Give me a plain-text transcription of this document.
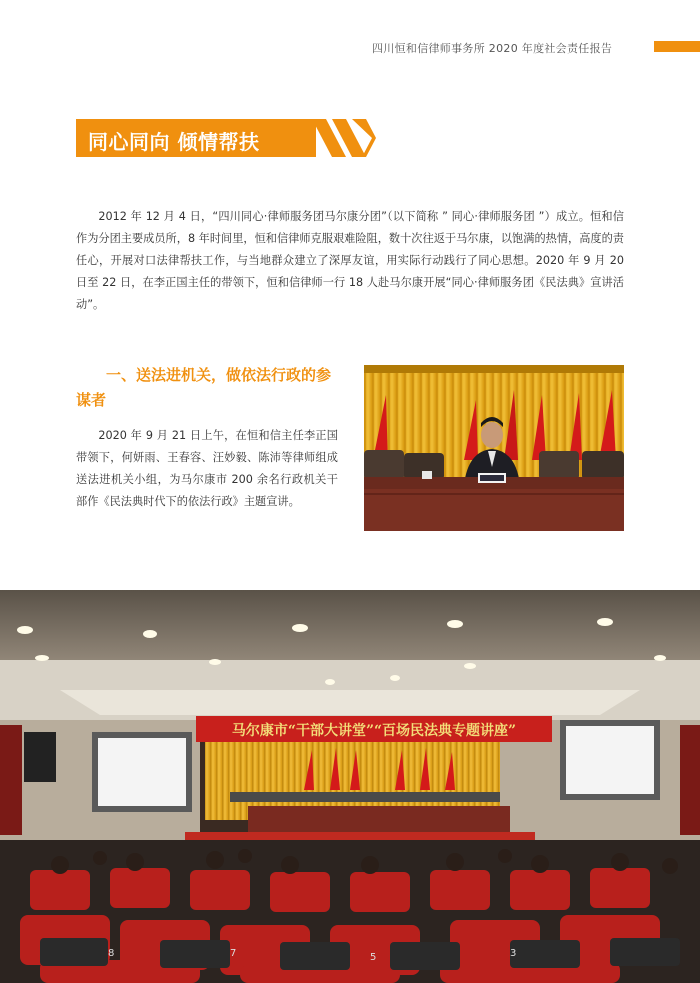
四川恒和信律师事务所 2020 年度社会责任报告
同心同向 倾情帮扶

2012 年 12 月 4 日，“四川同心·律师服务团马尔康分团”（以下简称 ” 同心·律师服务团 ”）成立。恒和信作为分团主要成员所，8 年时间里，恒和信律师克服艰难险阻，数十次往返于马尔康，以饱满的热情，高度的责任心，开展对口法律帮扶工作，与当地群众建立了深厚友谊，用实际行动践行了同心思想。2020 年 9 月 20 日至 22 日，在李正国主任的带领下，恒和信律师一行 18 人赴马尔康开展“同心·律师服务团《民法典》宣讲活动”。

一、送法进机关，做依法行政的参谋者
2020 年 9 月 21 日上午，在恒和信主任李正国带领下，何妍雨、王春容、汪妙毅、陈沛等律师组成送法进机关小组，为马尔康市 200 余名行政机关干部作《民法典时代下的依法行政》主题宣讲。
马尔康市“干部大讲堂”“百场民法典专题讲座”
8	7	5	3
